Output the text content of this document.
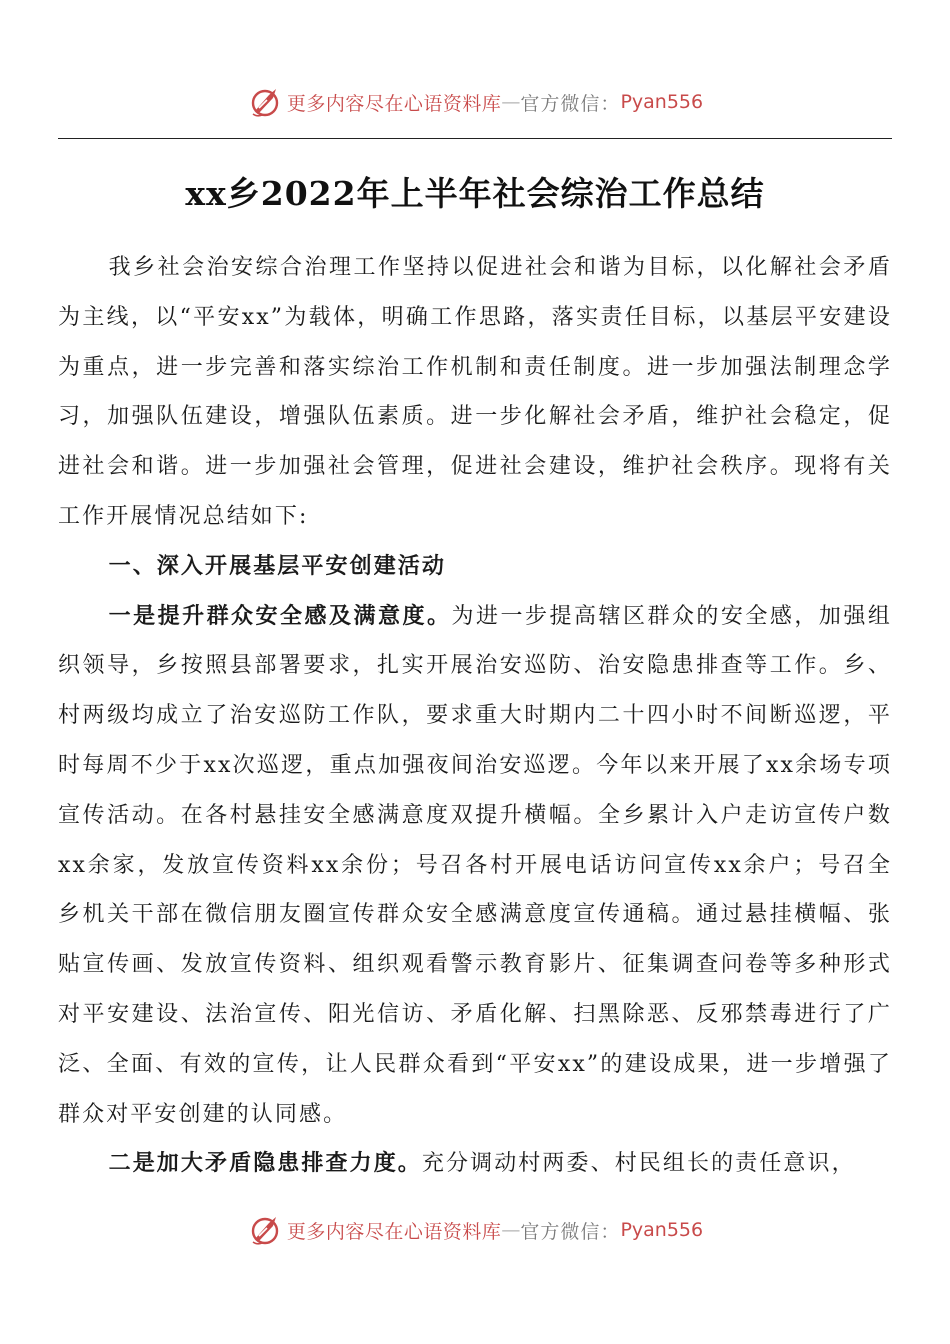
更多内容尽在心语资料库 — 官方微信： Pyan556
xx乡2022年上半年社会综治工作总结

我乡社会治安综合治理工作坚持以促进社会和谐为目标，以化解社会矛盾为主线，以“平安xx”为载体，明确工作思路，落实责任目标，以基层平安建设为重点，进一步完善和落实综治工作机制和责任制度。进一步加强法制理念学习，加强队伍建设，增强队伍素质。进一步化解社会矛盾，维护社会稳定，促进社会和谐。进一步加强社会管理，促进社会建设，维护社会秩序。现将有关工作开展情况总结如下:

一、深入开展基层平安创建活动

一是提升群众安全感及满意度。为进一步提高辖区群众的安全感，加强组织领导，乡按照县部署要求，扎实开展治安巡防、治安隐患排查等工作。乡、村两级均成立了治安巡防工作队，要求重大时期内二十四小时不间断巡逻，平时每周不少于xx次巡逻，重点加强夜间治安巡逻。今年以来开展了xx余场专项宣传活动。在各村悬挂安全感满意度双提升横幅。全乡累计入户走访宣传户数xx余家，发放宣传资料xx余份；号召各村开展电话访问宣传xx余户；号召全乡机关干部在微信朋友圈宣传群众安全感满意度宣传通稿。通过悬挂横幅、张贴宣传画、发放宣传资料、组织观看警示教育影片、征集调查问卷等多种形式对平安建设、法治宣传、阳光信访、矛盾化解、扫黑除恶、反邪禁毒进行了广泛、全面、有效的宣传，让人民群众看到“平安xx”的建设成果，进一步增强了群众对平安创建的认同感。

二是加大矛盾隐患排查力度。充分调动村两委、村民组长的责任意识，

更多内容尽在心语资料库 — 官方微信： Pyan556
